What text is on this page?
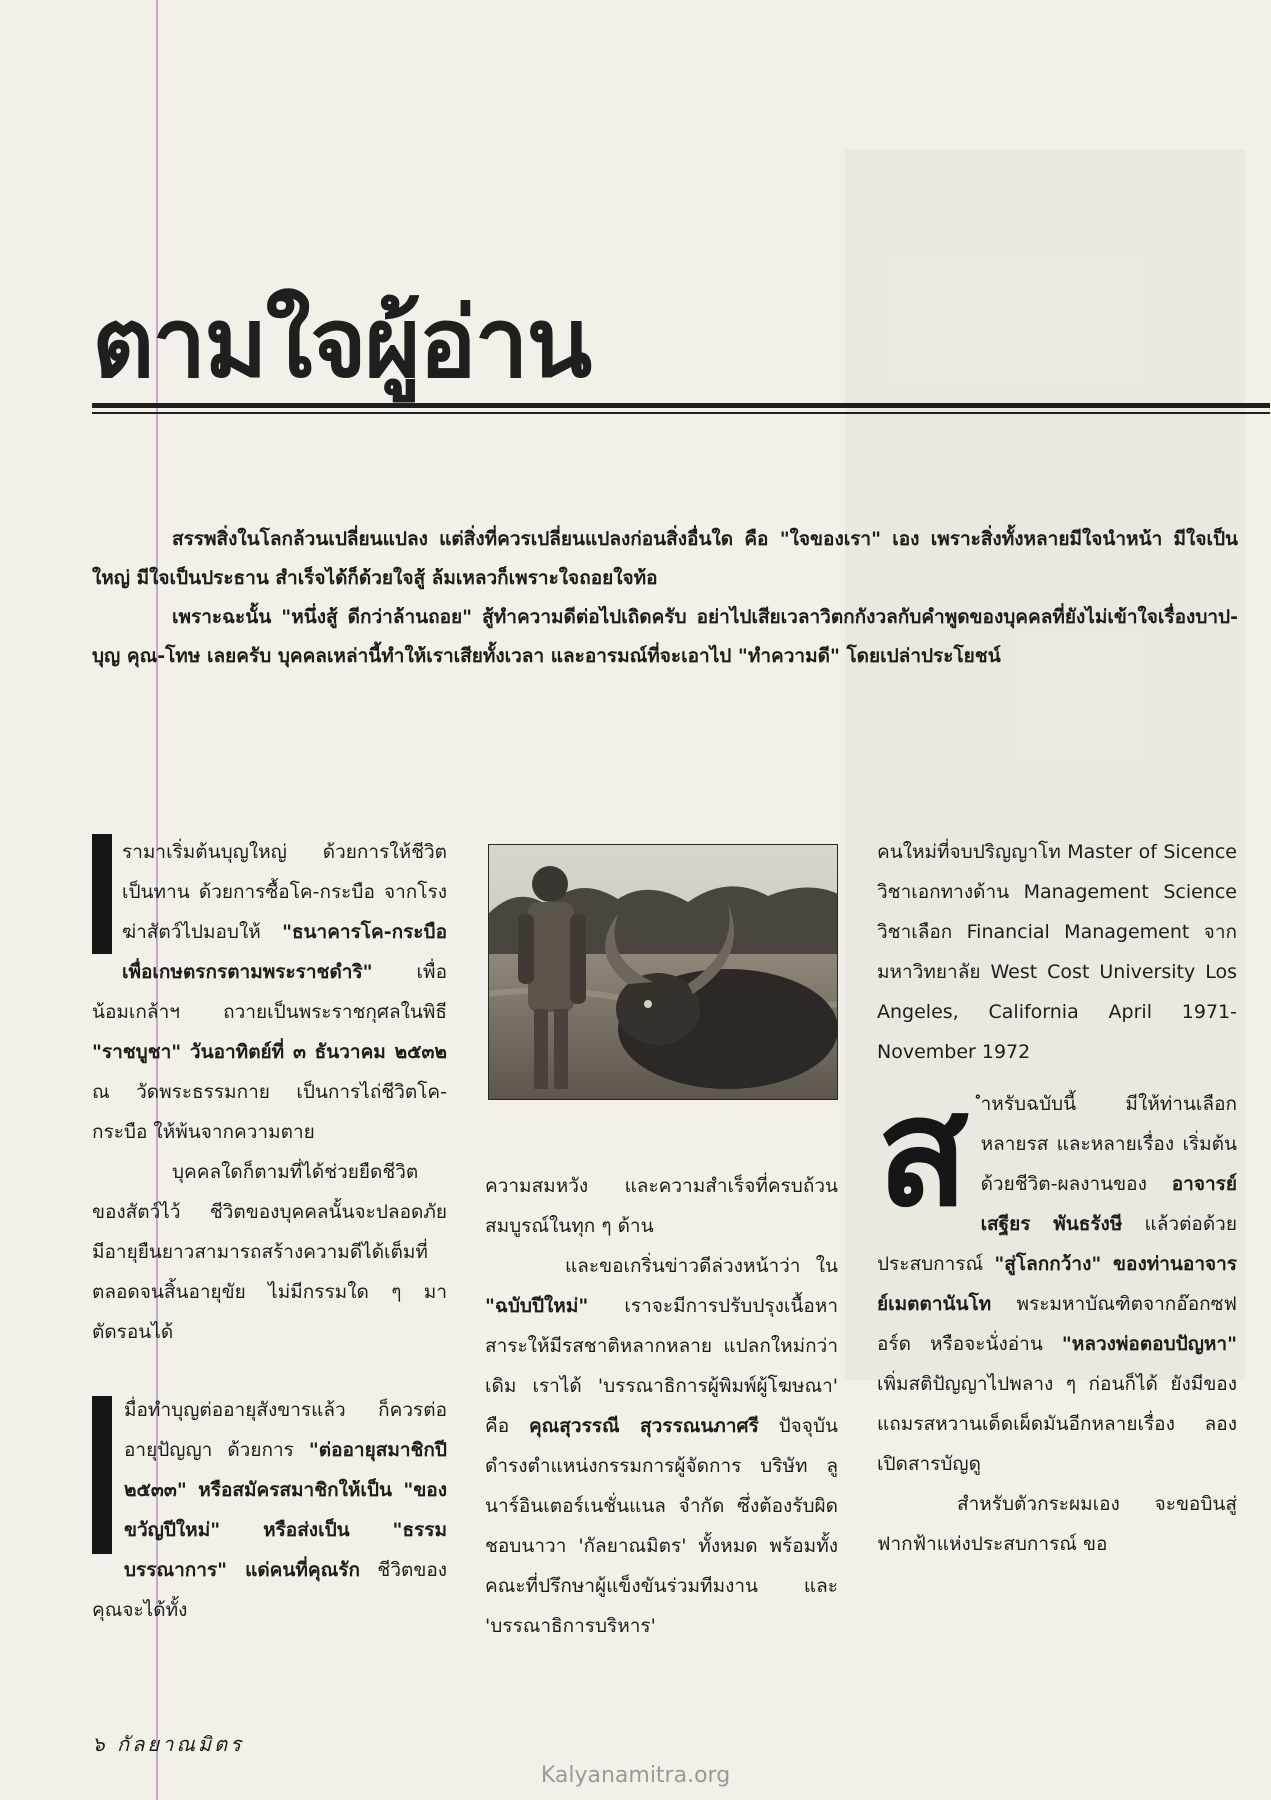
ตามใจผู้อ่าน

สรรพสิ่งในโลกล้วนเปลี่ยนแปลง แต่สิ่งที่ควรเปลี่ยนแปลงก่อนสิ่งอื่นใด คือ "ใจของเรา" เอง เพราะสิ่งทั้งหลายมีใจนำหน้า มีใจเป็นใหญ่ มีใจเป็นประธาน สำเร็จได้ก็ด้วยใจสู้ ล้มเหลวก็เพราะใจถอยใจท้อ

เพราะฉะนั้น "หนึ่งสู้ ดีกว่าล้านถอย" สู้ทำความดีต่อไปเถิดครับ อย่าไปเสียเวลาวิตกกังวลกับคำพูดของบุคคลที่ยังไม่เข้าใจเรื่องบาป-บุญ คุณ-โทษ เลยครับ บุคคลเหล่านี้ทำให้เราเสียทั้งเวลา และอารมณ์ที่จะเอาไป "ทำความดี" โดยเปล่าประโยชน์

รามาเริ่มต้นบุญใหญ่ ด้วยการให้ชีวิตเป็นทาน ด้วยการซื้อโค-กระบือ จากโรงฆ่าสัตว์ไปมอบให้ "ธนาคารโค-กระบือเพื่อเกษตรกรตามพระราชดำริ" เพื่อน้อมเกล้าฯ ถวายเป็นพระราชกุศลในพิธี "ราชบูชา" วันอาทิตย์ที่ ๓ ธันวาคม ๒๕๓๒ ณ วัดพระธรรมกาย เป็นการไถ่ชีวิตโค-กระบือ ให้พ้นจากความตาย

บุคคลใดก็ตามที่ได้ช่วยยืดชีวิตของสัตว์ไว้ ชีวิตของบุคคลนั้นจะปลอดภัย มีอายุยืนยาวสามารถสร้างความดีได้เต็มที่ตลอดจนสิ้นอายุขัย ไม่มีกรรมใด ๆ มาตัดรอนได้

มื่อทำบุญต่ออายุสังขารแล้ว ก็ควรต่ออายุปัญญา ด้วยการ "ต่ออายุสมาชิกปี ๒๕๓๓" หรือสมัครสมาชิกให้เป็น "ของขวัญปีใหม่" หรือส่งเป็น "ธรรมบรรณาการ" แด่คนที่คุณรัก ชีวิตของคุณจะได้ทั้ง

ความสมหวัง และความสำเร็จที่ครบถ้วนสมบูรณ์ในทุก ๆ ด้าน

และขอเกริ่นข่าวดีล่วงหน้าว่า ใน "ฉบับปีใหม่" เราจะมีการปรับปรุงเนื้อหาสาระให้มีรสชาติหลากหลาย แปลกใหม่กว่าเดิม เราได้ 'บรรณาธิการผู้พิมพ์ผู้โฆษณา' คือ คุณสุวรรณี สุวรรณนภาศรี ปัจจุบันดำรงตำแหน่งกรรมการผู้จัดการ บริษัท ลูนาร์อินเตอร์เนชั่นแนล จำกัด ซึ่งต้องรับผิดชอบนาวา 'กัลยาณมิตร' ทั้งหมด พร้อมทั้งคณะที่ปรึกษาผู้แข็งขันร่วมทีมงาน และ 'บรรณาธิการบริหาร'

คนใหม่ที่จบปริญญาโท Master of Sicence วิชาเอกทางด้าน Management Science วิชาเลือก Financial Management จากมหาวิทยาลัย West Cost University Los Angeles, California April 1971-November 1972

ส ำหรับฉบับนี้ มีให้ท่านเลือกหลายรส และหลายเรื่อง เริ่มต้นด้วยชีวิต-ผลงานของ อาจารย์เสฐียร พันธรังษี แล้วต่อด้วยประสบการณ์ "สู่โลกกว้าง" ของท่านอาจารย์เมตตานันโท พระมหาบัณฑิตจากอ๊อกซฟอร์ด หรือจะนั่งอ่าน "หลวงพ่อตอบปัญหา" เพิ่มสติปัญญาไปพลาง ๆ ก่อนก็ได้ ยังมีของแถมรสหวานเด็ดเผ็ดมันอีกหลายเรื่อง ลองเปิดสารบัญดู

สำหรับตัวกระผมเอง จะขอบินสู่ฟากฟ้าแห่งประสบการณ์ ขอ

๖ กัลยาณมิตร
Kalyanamitra.org
